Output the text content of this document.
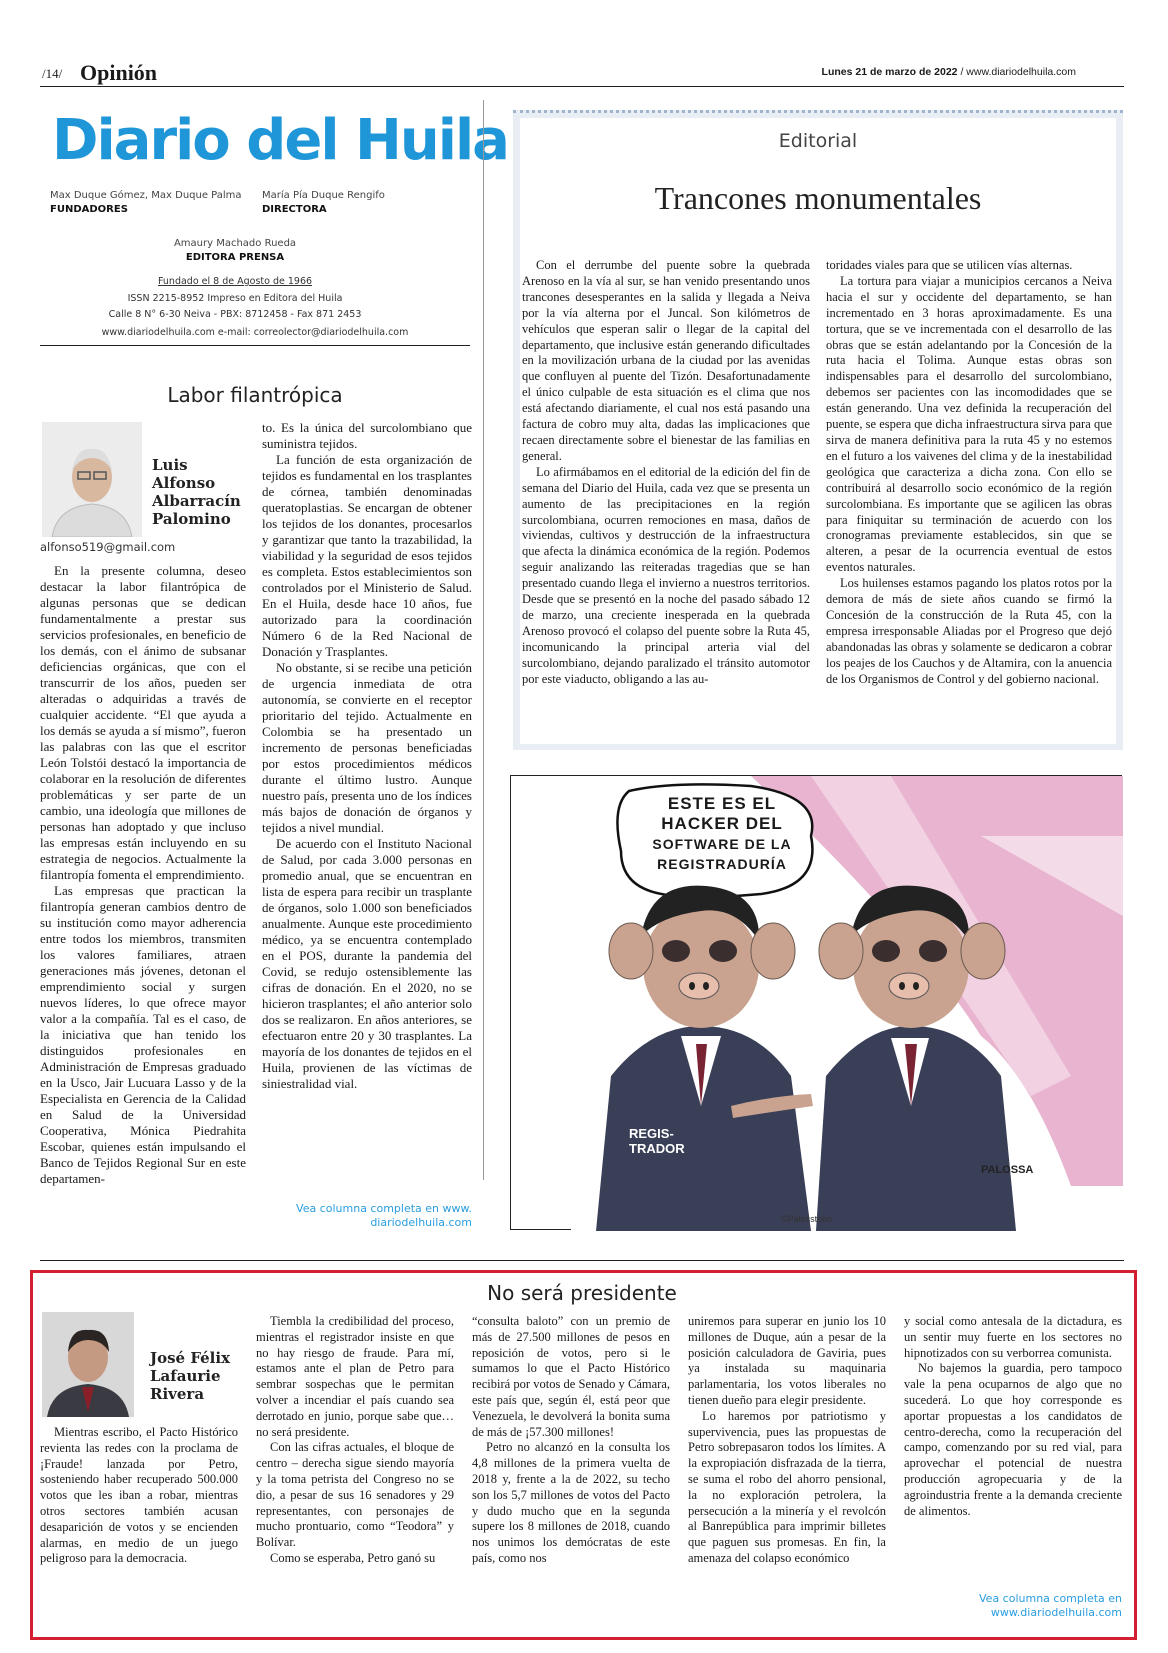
/14/ Opinión	Lunes 21 de marzo de 2022 / www.diariodelhuila.com
Diario del Huila
Max Duque Gómez, Max Duque Palma
FUNDADORES
María Pía Duque Rengifo
DIRECTORA
Amaury Machado Rueda
EDITORA PRENSA
Fundado el 8 de Agosto de 1966
ISSN 2215-8952 Impreso en Editora del Huila
Calle 8 N° 6-30 Neiva - PBX: 8712458 - Fax 871 2453
www.diariodelhuila.com e-mail: correolector@diariodelhuila.com
Labor filantrópica
Luis Alfonso Albarracín Palomino
alfonso519@gmail.com

En la presente columna, deseo destacar la labor filantrópica de algunas personas que se dedican fundamentalmente a prestar sus servicios profesionales, en beneficio de los demás, con el ánimo de subsanar deficiencias orgánicas, que con el transcurrir de los años, pueden ser alteradas o adquiridas a través de cualquier accidente. “El que ayuda a los demás se ayuda a sí mismo”, fueron las palabras con las que el escritor León Tolstói destacó la importancia de colaborar en la resolución de diferentes problemáticas y ser parte de un cambio, una ideología que millones de personas han adoptado y que incluso las empresas están incluyendo en su estrategia de negocios. Actualmente la filantropía fomenta el emprendimiento.

Las empresas que practican la filantropía generan cambios dentro de su institución como mayor adherencia entre todos los miembros, transmiten los valores familiares, atraen generaciones más jóvenes, detonan el emprendimiento social y surgen nuevos líderes, lo que ofrece mayor valor a la compañía. Tal es el caso, de la iniciativa que han tenido los distinguidos profesionales en Administración de Empresas graduado en la Usco, Jair Lucuara Lasso y de la Especialista en Gerencia de la Calidad en Salud de la Universidad Cooperativa, Mónica Piedrahita Escobar, quienes están impulsando el Banco de Tejidos Regional Sur en este departamen-

to. Es la única del surcolombiano que suministra tejidos.

La función de esta organización de tejidos es fundamental en los trasplantes de córnea, también denominadas queratoplastias. Se encargan de obtener los tejidos de los donantes, procesarlos y garantizar que tanto la trazabilidad, la viabilidad y la seguridad de esos tejidos es completa. Estos establecimientos son controlados por el Ministerio de Salud. En el Huila, desde hace 10 años, fue autorizado para la coordinación Número 6 de la Red Nacional de Donación y Trasplantes.

No obstante, si se recibe una petición de urgencia inmediata de otra autonomía, se convierte en el receptor prioritario del tejido. Actualmente en Colombia se ha presentado un incremento de personas beneficiadas por estos procedimientos médicos durante el último lustro. Aunque nuestro país, presenta uno de los índices más bajos de donación de órganos y tejidos a nivel mundial.

De acuerdo con el Instituto Nacional de Salud, por cada 3.000 personas en promedio anual, que se encuentran en lista de espera para recibir un trasplante de órganos, solo 1.000 son beneficiados anualmente. Aunque este procedimiento médico, ya se encuentra contemplado en el POS, durante la pandemia del Covid, se redujo ostensiblemente las cifras de donación. En el 2020, no se hicieron trasplantes; el año anterior solo dos se realizaron. En años anteriores, se efectuaron entre 20 y 30 trasplantes. La mayoría de los donantes de tejidos en el Huila, provienen de las víctimas de siniestralidad vial.

Vea columna completa en www. diariodelhuila.com
Editorial
Trancones monumentales

Con el derrumbe del puente sobre la quebrada Arenoso en la vía al sur, se han venido presentando unos trancones desesperantes en la salida y llegada a Neiva por la vía alterna por el Juncal. Son kilómetros de vehículos que esperan salir o llegar de la capital del departamento, que inclusive están generando dificultades en la movilización urbana de la ciudad por las avenidas que confluyen al puente del Tizón. Desafortunadamente el único culpable de esta situación es el clima que nos está afectando diariamente, el cual nos está pasando una factura de cobro muy alta, dadas las implicaciones que recaen directamente sobre el bienestar de las familias en general.

Lo afirmábamos en el editorial de la edición del fin de semana del Diario del Huila, cada vez que se presenta un aumento de las precipitaciones en la región surcolombiana, ocurren remociones en masa, daños de viviendas, cultivos y destrucción de la infraestructura que afecta la dinámica económica de la región. Podemos seguir analizando las reiteradas tragedias que se han presentado cuando llega el invierno a nuestros territorios. Desde que se presentó en la noche del pasado sábado 12 de marzo, una creciente inesperada en la quebrada Arenoso provocó el colapso del puente sobre la Ruta 45, incomunicando la principal arteria vial del surcolombiano, dejando paralizado el tránsito automotor por este viaducto, obligando a las au-

toridades viales para que se utilicen vías alternas.

La tortura para viajar a municipios cercanos a Neiva hacia el sur y occidente del departamento, se han incrementado en 3 horas aproximadamente. Es una tortura, que se ve incrementada con el desarrollo de las obras que se están adelantando por la Concesión de la ruta hacia el Tolima. Aunque estas obras son indispensables para el desarrollo del surcolombiano, debemos ser pacientes con las incomodidades que se están generando. Una vez definida la recuperación del puente, se espera que dicha infraestructura sirva para que sirva de manera definitiva para la ruta 45 y no estemos en el futuro a los vaivenes del clima y de la inestabilidad geológica que caracteriza a dicha zona. Con ello se contribuirá al desarrollo socio económico de la región surcolombiana. Es importante que se agilicen las obras para finiquitar su terminación de acuerdo con los cronogramas previamente establecidos, sin que se alteren, a pesar de la ocurrencia eventual de estos eventos naturales.

Los huilenses estamos pagando los platos rotos por la demora de más de siete años cuando se firmó la Concesión de la construcción de la Ruta 45, con la empresa irresponsable Aliadas por el Progreso que dejó abandonadas las obras y solamente se dedicaron a cobrar los peajes de los Cauchos y de Altamira, con la anuencia de los Organismos de Control y del gobierno nacional.

ESTE ES EL
HACKER DEL
SOFTWARE DE LA
REGISTRADURÍA
REGIS-
TRADOR
PALOSSA
©Palosstoon
No será presidente
José Félix Lafaurie Rivera

Mientras escribo, el Pacto Histórico revienta las redes con la proclama de ¡Fraude! lanzada por Petro, sosteniendo haber recuperado 500.000 votos que les iban a robar, mientras otros sectores también acusan desaparición de votos y se encienden alarmas, en medio de un juego peligroso para la democracia.

Tiembla la credibilidad del proceso, mientras el registrador insiste en que no hay riesgo de fraude. Para mí, estamos ante el plan de Petro para sembrar sospechas que le permitan volver a incendiar el país cuando sea derrotado en junio, porque sabe que… no será presidente.

Con las cifras actuales, el bloque de centro – derecha sigue siendo mayoría y la toma petrista del Congreso no se dio, a pesar de sus 16 senadores y 29 representantes, con personajes de mucho prontuario, como “Teodora” y Bolívar.

Como se esperaba, Petro ganó su

“consulta baloto” con un premio de más de 27.500 millones de pesos en reposición de votos, pero si le sumamos lo que el Pacto Histórico recibirá por votos de Senado y Cámara, este país que, según él, está peor que Venezuela, le devolverá la bonita suma de más de ¡57.300 millones!

Petro no alcanzó en la consulta los 4,8 millones de la primera vuelta de 2018 y, frente a la de 2022, su techo son los 5,7 millones de votos del Pacto y dudo mucho que en la segunda supere los 8 millones de 2018, cuando nos unimos los demócratas de este país, como nos

uniremos para superar en junio los 10 millones de Duque, aún a pesar de la posición calculadora de Gaviria, pues ya instalada su maquinaria parlamentaria, los votos liberales no tienen dueño para elegir presidente.

Lo haremos por patriotismo y supervivencia, pues las propuestas de Petro sobrepasaron todos los límites. A la expropiación disfrazada de la tierra, se suma el robo del ahorro pensional, la no exploración petrolera, la persecución a la minería y el revolcón al Banrepública para imprimir billetes que paguen sus promesas. En fin, la amenaza del colapso económico

y social como antesala de la dictadura, es un sentir muy fuerte en los sectores no hipnotizados con su verborrea comunista.

No bajemos la guardia, pero tampoco vale la pena ocuparnos de algo que no sucederá. Lo que hoy corresponde es aportar propuestas a los candidatos de centro-derecha, como la recuperación del campo, comenzando por su red vial, para aprovechar el potencial de nuestra producción agropecuaria y de la agroindustria frente a la demanda creciente de alimentos.

Vea columna completa en www.diariodelhuila.com
